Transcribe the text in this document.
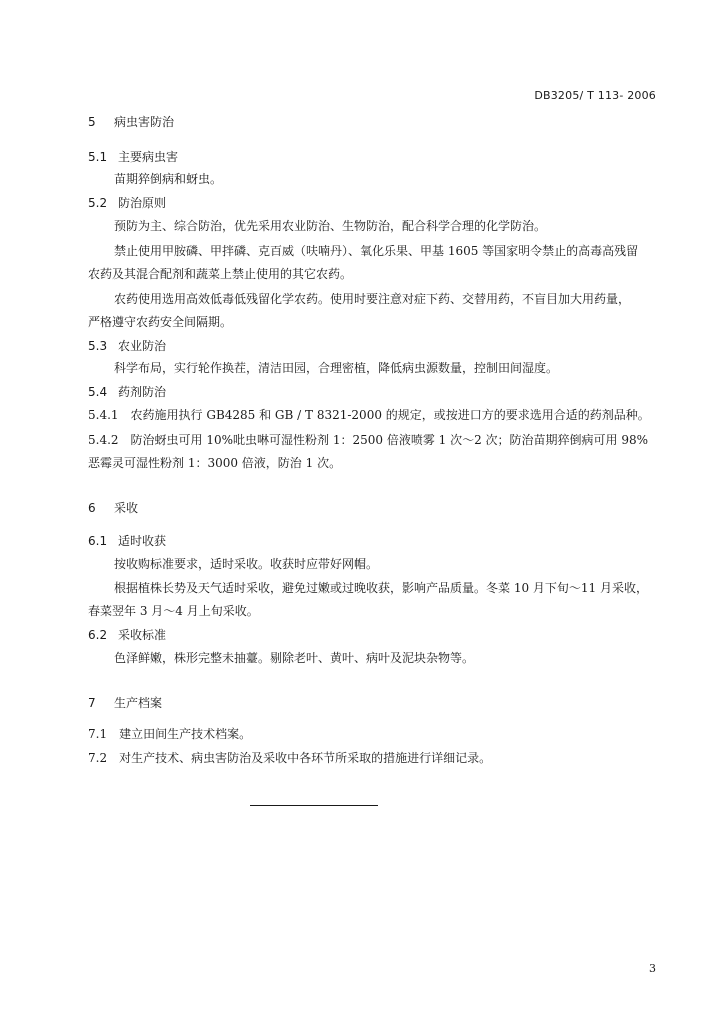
DB3205/ T 113- 2006
5 病虫害防治
5.1 主要病虫害
苗期猝倒病和蚜虫。
5.2 防治原则
预防为主、综合防治，优先采用农业防治、生物防治，配合科学合理的化学防治。
禁止使用甲胺磷、甲拌磷、克百威（呋喃丹）、氧化乐果、甲基 1605 等国家明令禁止的高毒高残留
农药及其混合配剂和蔬菜上禁止使用的其它农药。
农药使用选用高效低毒低残留化学农药。使用时要注意对症下药、交替用药，不盲目加大用药量，
严格遵守农药安全间隔期。
5.3 农业防治
科学布局，实行轮作换茬，清洁田园，合理密植，降低病虫源数量，控制田间湿度。
5.4 药剂防治
5.4.1 农药施用执行 GB4285 和 GB / T 8321-2000 的规定，或按进口方的要求选用合适的药剂品种。
5.4.2 防治蚜虫可用 10%吡虫啉可湿性粉剂 1：2500 倍液喷雾 1 次～2 次；防治苗期猝倒病可用 98%
恶霉灵可湿性粉剂 1：3000 倍液，防治 1 次。
6 采收
6.1 适时收获
按收购标准要求，适时采收。收获时应带好网帽。
根据植株长势及天气适时采收，避免过嫩或过晚收获，影响产品质量。冬菜 10 月下旬～11 月采收，
春菜翌年 3 月～4 月上旬采收。
6.2 采收标准
色泽鲜嫩，株形完整未抽薹。剔除老叶、黄叶、病叶及泥块杂物等。
7 生产档案
7.1 建立田间生产技术档案。
7.2 对生产技术、病虫害防治及采收中各环节所采取的措施进行详细记录。
3
